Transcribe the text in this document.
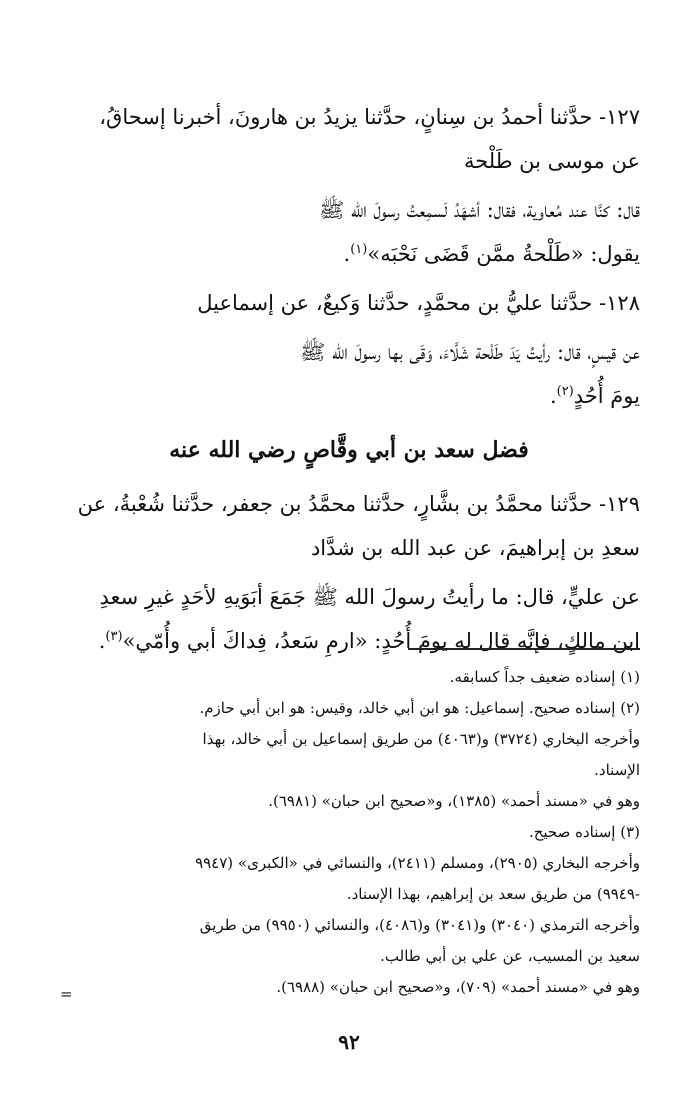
١٢٧- حدَّثنا أحمدُ بن سِنانٍ، حدَّثنا يزيدُ بن هارونَ، أخبرنا إسحاقُ،
عن موسى بن طَلْحة
قال: كنَّا عند مُعاوية، فقال: أشهَدُ لَسمِعتُ رسولَ الله ﷺ
يقول: «طَلْحةُ ممَّن قَضَى نَحْبَه»$^{(١)}$.
١٢٨- حدَّثنا عليُّ بن محمَّدٍ، حدَّثنا وَكيعٌ، عن إسماعيل
عن قيسٍ، قال: رأيتُ يَدَ طَلْحة شَلَّاءَ، وَقَى بها رسولَ الله ﷺ
يومَ أُحُدٍ$^{(٢)}$.
فضل سعد بن أبي وقَّاصٍ رضي الله عنه
١٢٩- حدَّثنا محمَّدُ بن بشَّارٍ، حدَّثنا محمَّدُ بن جعفر، حدَّثنا شُعْبةُ، عن
سعدِ بن إبراهيمَ، عن عبد الله بن شدَّاد
عن عليٍّ، قال: ما رأيتُ رسولَ الله ﷺ جَمَعَ أبَوَيهِ لأحَدٍ غيرِ سعدِ
ابن مالكٍ، فإنَّه قال له يومَ أُحُدٍ: «ارمِ سَعدُ، فِداكَ أبي وأُمّي»$^{(٣)}$.
(١) إسناده ضعيف جداً كسابقه.
(٢) إسناده صحيح. إسماعيل: هو ابن أبي خالد، وقيس: هو ابن أبي حازم.
وأخرجه البخاري (٣٧٢٤) و(٤٠٦٣) من طريق إسماعيل بن أبي خالد، بهذا
الإسناد.
وهو في «مسند أحمد» (١٣٨٥)، و«صحيح ابن حبان» (٦٩٨١).
(٣) إسناده صحيح.
وأخرجه البخاري (٢٩٠٥)، ومسلم (٢٤١١)، والنسائي في «الكبرى» (٩٩٤٧
-٩٩٤٩) من طريق سعد بن إبراهيم، بهذا الإسناد.
وأخرجه الترمذي (٣٠٤٠) و(٣٠٤١) و(٤٠٨٦)، والنسائي (٩٩٥٠) من طريق
سعيد بن المسيب، عن علي بن أبي طالب.
وهو في «مسند أحمد» (٧٠٩)، و«صحيح ابن حبان» (٦٩٨٨).
=
٩٢
